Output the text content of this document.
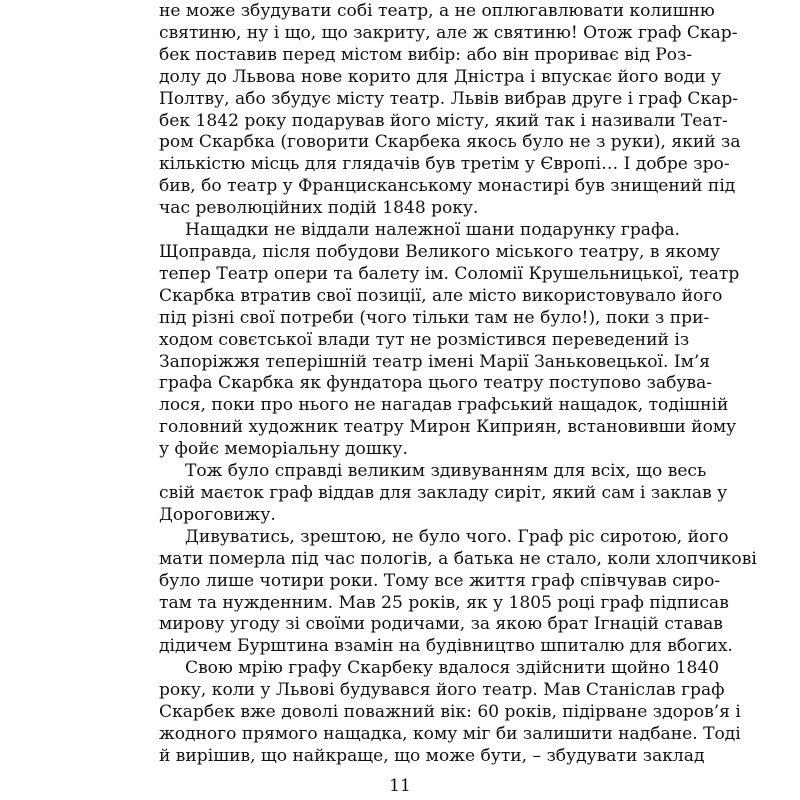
не може збудувати собі театр, а не оплюгавлювати колишню
святиню, ну і що, що закриту, але ж святиню! Отож граф Скар-
бек поставив перед містом вибір: або він прориває від Роз-
долу до Львова нове корито для Дністра і впускає його води у
Полтву, або збудує місту театр. Львів вибрав друге і граф Скар-
бек 1842 року подарував його місту, який так і називали Теат-
ром Скарбка (говорити Скарбека якось було не з руки), який за
кількістю місць для глядачів був третім у Європі… І добре зро-
бив, бо театр у Францисканському монастирі був знищений під
час революційних подій 1848 року.
Нащадки не віддали належної шани подарунку графа.
Щоправда, після побудови Великого міського театру, в якому
тепер Театр опери та балету ім. Соломії Крушельницької, театр
Скарбка втратив свої позиції, але місто використовувало його
під різні свої потреби (чого тільки там не було!), поки з при-
ходом совєтської влади тут не розмістився переведений із
Запоріжжя теперішній театр імені Марії Заньковецької. Ім’я
графа Скарбка як фундатора цього театру поступово забува-
лося, поки про нього не нагадав графський нащадок, тодішній
головний художник театру Мирон Киприян, встановивши йому
у фойє меморіальну дошку.
Тож було справді великим здивуванням для всіх, що весь
свій маєток граф віддав для закладу сиріт, який сам і заклав у
Дороговижу.
Дивуватись, зрештою, не було чого. Граф ріс сиротою, його
мати померла під час пологів, а батька не стало, коли хлопчикові
було лише чотири роки. Тому все життя граф співчував сиро-
там та нужденним. Мав 25 років, як у 1805 році граф підписав
мирову угоду зі своїми родичами, за якою брат Ігнацій ставав
дідичем Бурштина взамін на будівництво шпиталю для вбогих.
Свою мрію графу Скарбеку вдалося здійснити щойно 1840
року, коли у Львові будувався його театр. Мав Станіслав граф
Скарбек вже доволі поважний вік: 60 років, підірване здоров’я і
жодного прямого нащадка, кому міг би залишити надбане. Тоді
й вирішив, що найкраще, що може бути, – збудувати заклад
11
